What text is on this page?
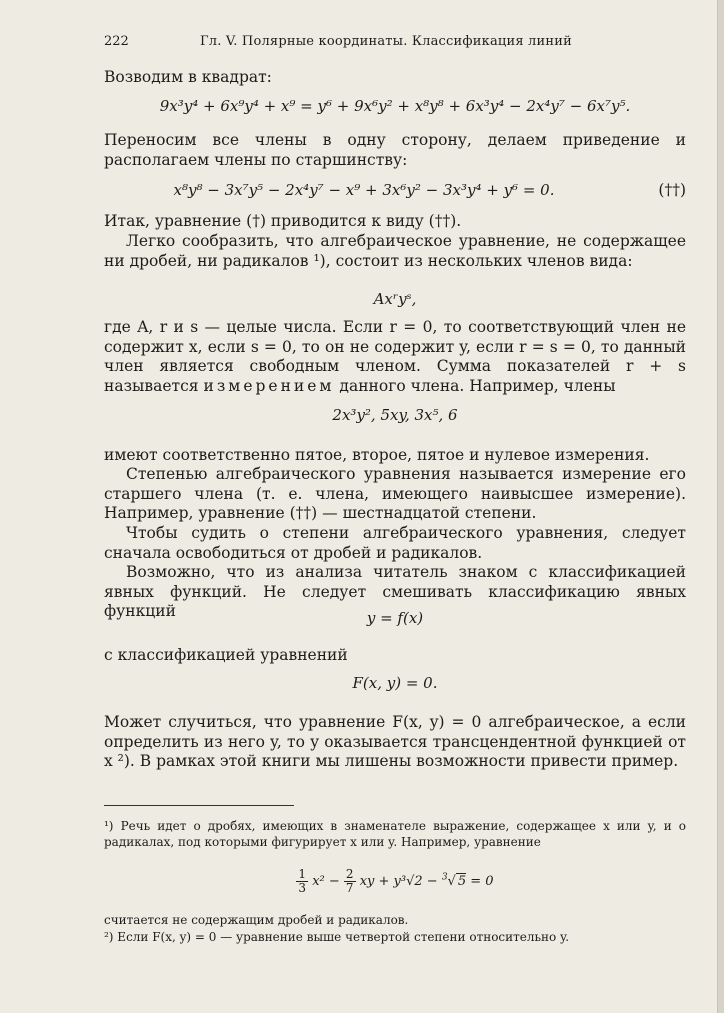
222	Гл. V. Полярные координаты. Классификация линий
Возводим в квадрат:
9x³y⁴ + 6x⁹y⁴ + x⁹ = y⁶ + 9x⁶y² + x⁸y⁸ + 6x³y⁴ − 2x⁴y⁷ − 6x⁷y⁵.
Переносим все члены в одну сторону, делаем приведение и располагаем члены по старшинству:
x⁸y⁸ − 3x⁷y⁵ − 2x⁴y⁷ − x⁹ + 3x⁶y² − 3x³y⁴ + y⁶ = 0.	(††)
Итак, уравнение (†) приводится к виду (††).
Легко сообразить, что алгебраическое уравнение, не содержащее ни дробей, ни радикалов ¹), состоит из нескольких членов вида:
Axʳyˢ,
где A, r и s — целые числа. Если r = 0, то соответствующий член не содержит x, если s = 0, то он не содержит y, если r = s = 0, то данный член является свободным членом. Сумма показателей r + s называется измерением данного члена. Например, члены
2x³y², 5xy, 3x⁵, 6
имеют соответственно пятое, второе, пятое и нулевое измерения.
Степенью алгебраического уравнения называется измерение его старшего члена (т. е. члена, имеющего наивысшее измерение). Например, уравнение (††) — шестнадцатой степени.
Чтобы судить о степени алгебраического уравнения, следует сначала освободиться от дробей и радикалов.
Возможно, что из анализа читатель знаком с классификацией явных функций. Не следует смешивать классификацию явных функций	y = f(x)
с классификацией уравнений
F(x, y) = 0.
Может случиться, что уравнение F(x, y) = 0 алгебраическое, а если определить из него y, то y оказывается трансцендентной функцией от x ²). В рамках этой книги мы лишены возможности привести пример.
¹) Речь идет о дробях, имеющих в знаменателе выражение, содержащее x или y, и о радикалах, под которыми фигурирует x или y. Например, уравнение
$\frac{1}{3} x^2 - \frac{2}{7}$ xy + y³√2 − $^3$√ 5 = 0
считается не содержащим дробей и радикалов.
²) Если F(x, y) = 0 — уравнение выше четвертой степени относительно y.
